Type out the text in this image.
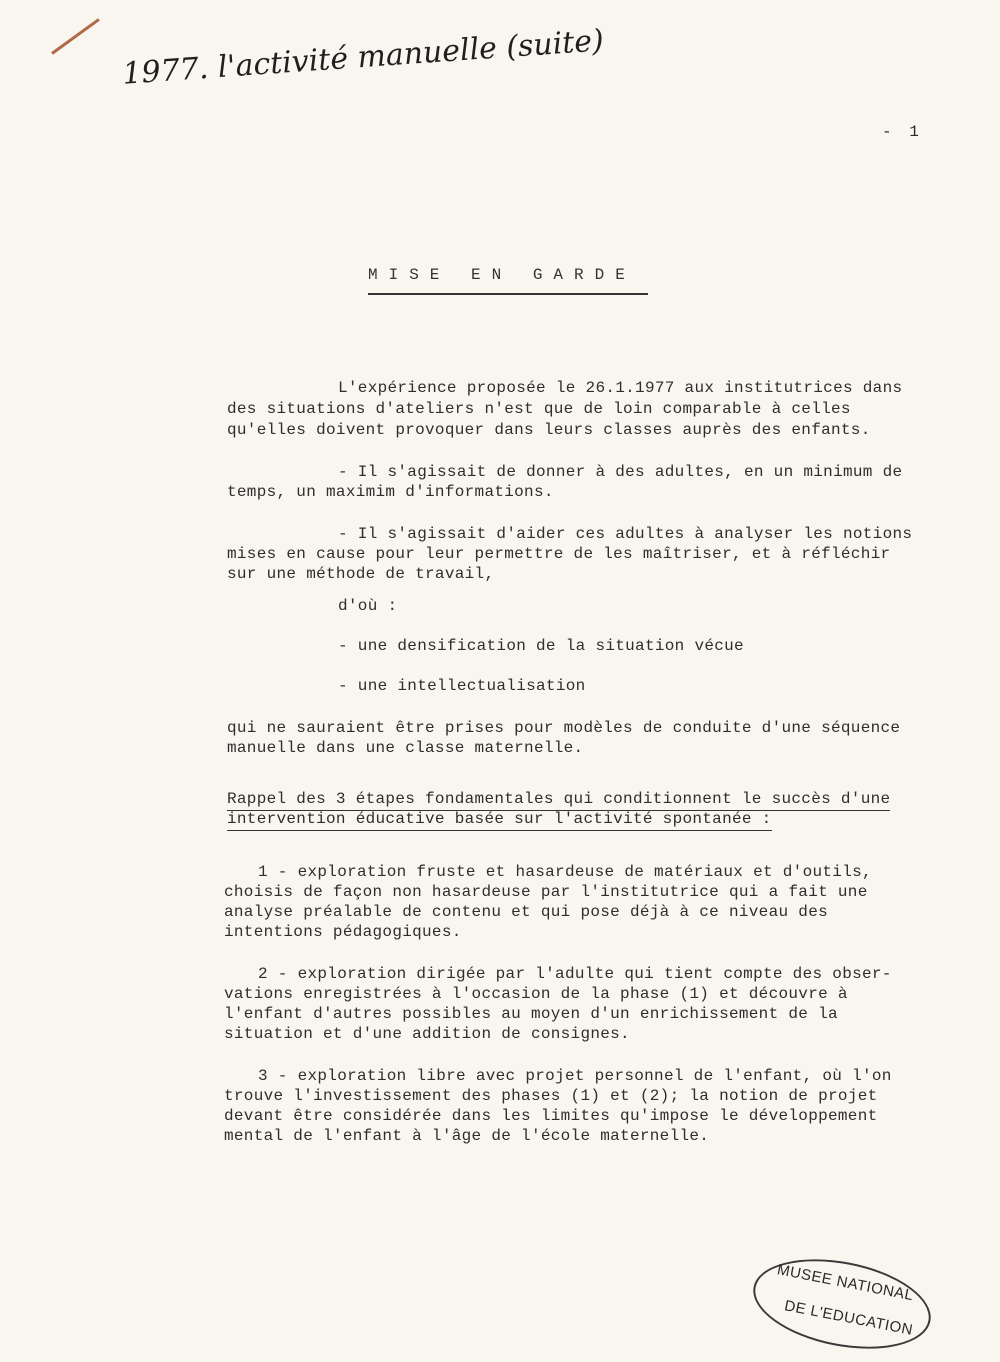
1977. l'activité manuelle (suite)
- 1
MISE EN GARDE
L'expérience proposée le 26.1.1977 aux institutrices dans
des situations d'ateliers n'est que de loin comparable à celles
qu'elles doivent provoquer dans leurs classes auprès des enfants.
- Il s'agissait de donner à des adultes, en un minimum de
temps, un maximim d'informations.
- Il s'agissait d'aider ces adultes à analyser les notions
mises en cause pour leur permettre de les maîtriser, et à réfléchir
sur une méthode de travail,
d'où :
- une densification de la situation vécue
- une intellectualisation
qui ne sauraient être prises pour modèles de conduite d'une séquence
manuelle dans une classe maternelle.
Rappel des 3 étapes fondamentales qui conditionnent le succès d'une
intervention éducative basée sur l'activité spontanée :
1 - exploration fruste et hasardeuse de matériaux et d'outils,
choisis de façon non hasardeuse par l'institutrice qui a fait une
analyse préalable de contenu et qui pose déjà à ce niveau des
intentions pédagogiques.
2 - exploration dirigée par l'adulte qui tient compte des obser-
vations enregistrées à l'occasion de la phase (1) et découvre à
l'enfant d'autres possibles au moyen d'un enrichissement de la
situation et d'une addition de consignes.
3 - exploration libre avec projet personnel de l'enfant, où l'on
trouve l'investissement des phases (1) et (2); la notion de projet
devant être considérée dans les limites qu'impose le développement
mental de l'enfant à l'âge de l'école maternelle.
MUSEE NATIONAL
DE L'EDUCATION
